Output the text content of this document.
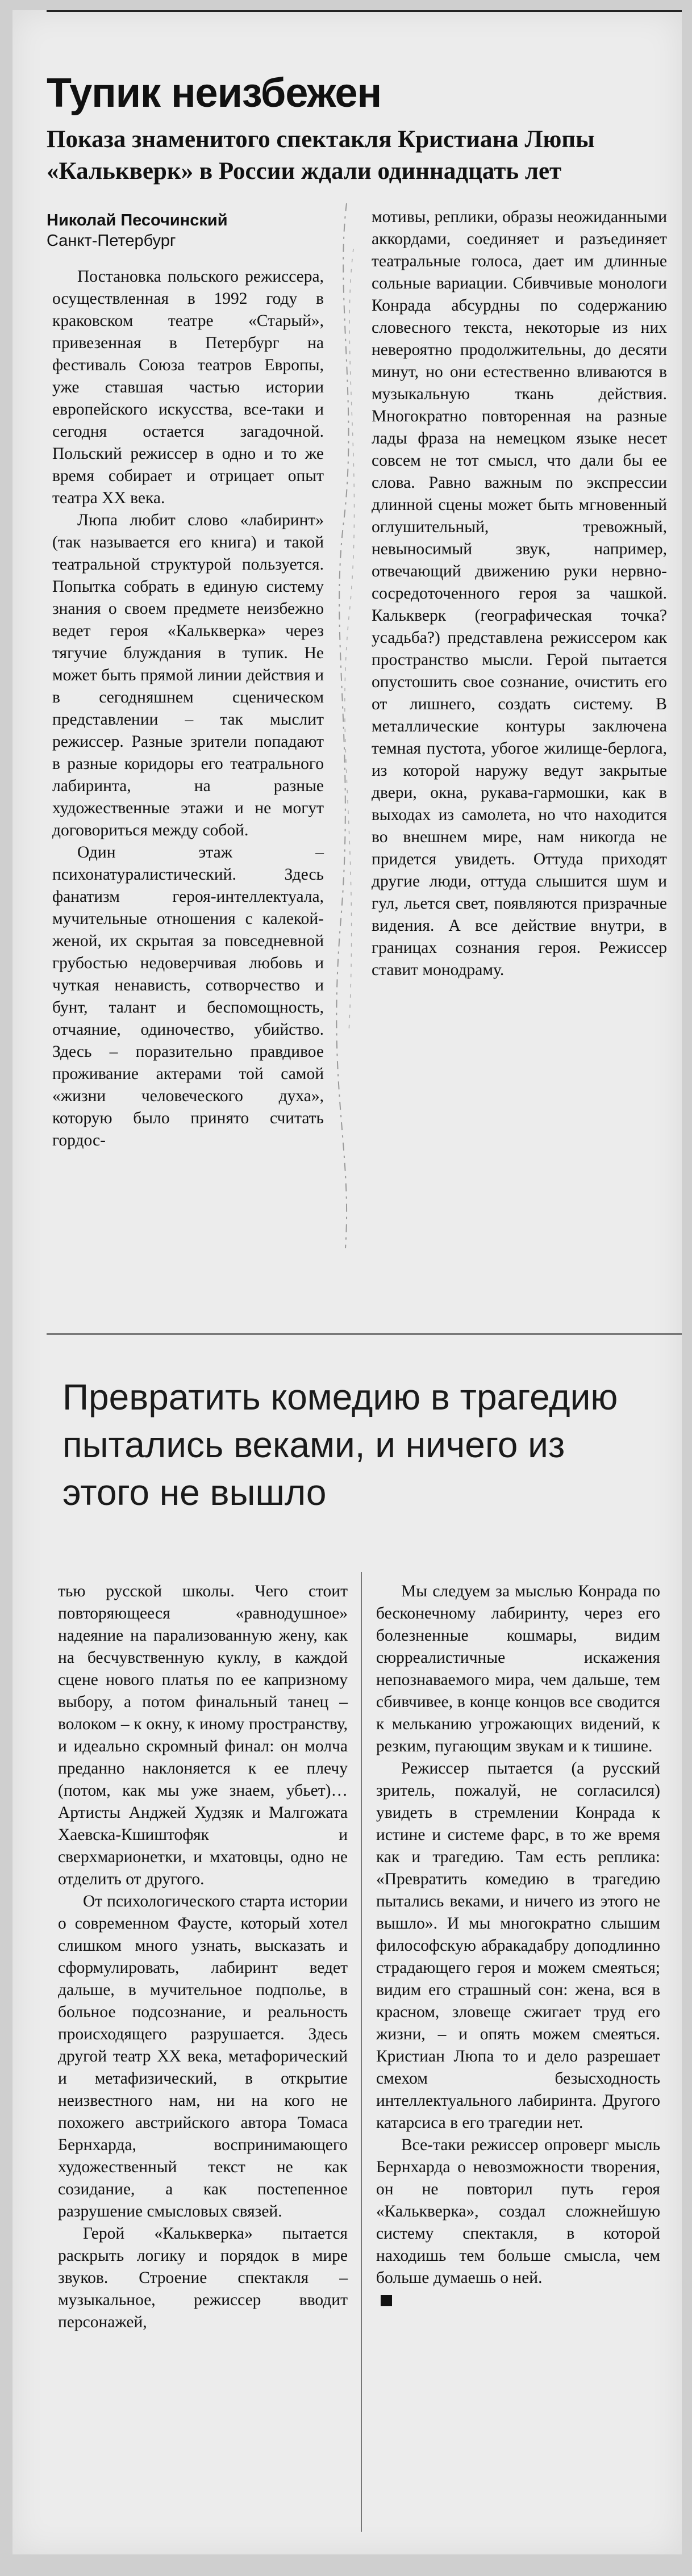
Тупик неизбежен
Показа знаменитого спектакля Кристиана Люпы «Калькверк» в России ждали одиннадцать лет
Николай Песочинский
Санкт-Петербург

Постановка польского режиссера, осуществленная в 1992 году в краковском театре «Старый», привезенная в Петербург на фестиваль Союза театров Европы, уже ставшая частью истории европейского искусства, все-таки и сегодня остается загадочной. Польский режиссер в одно и то же время собирает и отрицает опыт театра ХХ века.

Люпа любит слово «лабиринт» (так называется его книга) и такой театральной структурой пользуется. Попытка собрать в единую систему знания о своем предмете неизбежно ведет героя «Калькверка» через тягучие блуждания в тупик. Не может быть прямой линии действия и в сегодняшнем сценическом представлении – так мыслит режиссер. Разные зрители попадают в разные коридоры его театрального лабиринта, на разные художественные этажи и не могут договориться между собой.

Один этаж – психонатуралистический. Здесь фанатизм героя-интеллектуала, мучительные отношения с калекой-женой, их скрытая за повседневной грубостью недоверчивая любовь и чуткая ненависть, сотворчество и бунт, талант и беспомощность, отчаяние, одиночество, убийство. Здесь – поразительно правдивое проживание актерами той самой «жизни человеческого духа», которую было принято считать гордос-

мотивы, реплики, образы неожиданными аккордами, соединяет и разъединяет театральные голоса, дает им длинные сольные вариации. Сбивчивые монологи Конрада абсурдны по содержанию словесного текста, некоторые из них невероятно продолжительны, до десяти минут, но они естественно вливаются в музыкальную ткань действия. Многократно повторенная на разные лады фраза на немецком языке несет совсем не тот смысл, что дали бы ее слова. Равно важным по экспрессии длинной сцены может быть мгновенный оглушительный, тревожный, невыносимый звук, например, отвечающий движению руки нервно-сосредоточенного героя за чашкой. Калькверк (географическая точка? усадьба?) представлена режиссером как пространство мысли. Герой пытается опустошить свое сознание, очистить его от лишнего, создать систему. В металлические контуры заключена темная пустота, убогое жилище-берлога, из которой наружу ведут закрытые двери, окна, рукава-гармошки, как в выходах из самолета, но что находится во внешнем мире, нам никогда не придется увидеть. Оттуда приходят другие люди, оттуда слышится шум и гул, льется свет, появляются призрачные видения. А все действие внутри, в границах сознания героя. Режиссер ставит монодраму.

Превратить комедию в трагедию пытались веками, и ничего из этого не вышло

тью русской школы. Чего стоит повторяющееся «равнодушное» надеяние на парализованную жену, как на бесчувственную куклу, в каждой сцене нового платья по ее капризному выбору, а потом финальный танец – волоком – к окну, к иному пространству, и идеально скромный финал: он молча преданно наклоняется к ее плечу (потом, как мы уже знаем, убьет)… Артисты Анджей Худзяк и Малгожата Хаевска-Кшиштофяк и сверхмарионетки, и мхатовцы, одно не отделить от другого.

От психологического старта истории о современном Фаусте, который хотел слишком много узнать, высказать и сформулировать, лабиринт ведет дальше, в мучительное подполье, в больное подсознание, и реальность происходящего разрушается. Здесь другой театр ХХ века, метафорический и метафизический, в открытие неизвестного нам, ни на кого не похожего австрийского автора Томаса Бернхарда, воспринимающего художественный текст не как созидание, а как постепенное разрушение смысловых связей.

Герой «Калькверка» пытается раскрыть логику и порядок в мире звуков. Строение спектакля – музыкальное, режиссер вводит персонажей,

Мы следуем за мыслью Конрада по бесконечному лабиринту, через его болезненные кошмары, видим сюрреалистичные искажения непознаваемого мира, чем дальше, тем сбивчивее, в конце концов все сводится к мельканию угрожающих видений, к резким, пугающим звукам и к тишине.

Режиссер пытается (а русский зритель, пожалуй, не согласился) увидеть в стремлении Конрада к истине и системе фарс, в то же время как и трагедию. Там есть реплика: «Превратить комедию в трагедию пытались веками, и ничего из этого не вышло». И мы многократно слышим философскую абракадабру доподлинно страдающего героя и можем смеяться; видим его страшный сон: жена, вся в красном, зловеще сжигает труд его жизни, – и опять можем смеяться. Кристиан Люпа то и дело разрешает смехом безысходность интеллектуального лабиринта. Другого катарсиса в его трагедии нет.

Все-таки режиссер опроверг мысль Бернхарда о невозможности творения, он не повторил путь героя «Калькверка», создал сложнейшую систему спектакля, в которой находишь тем больше смысла, чем больше думаешь о ней.
